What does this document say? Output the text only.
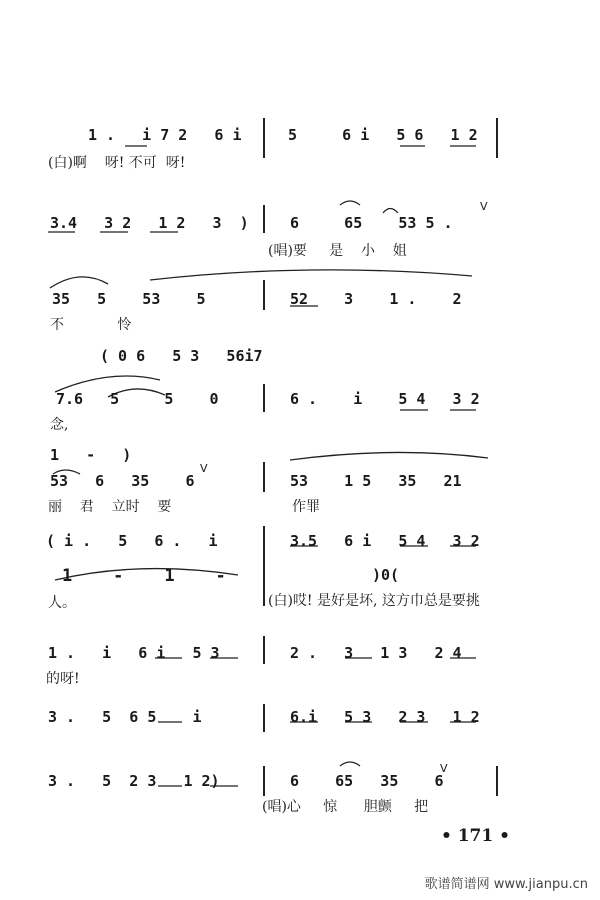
1 .   i 7 2   6 i	5     6 i   5 6   1 2
(白)啊    呀! 不可  呀!
3.4   3 2   1 2   3  )	6     65    53 5 .
V
(唱)要     是    小    姐
35   5    53    5	52    3    1 .    2
不            怜
( 0 6   5 3   56i7
7.6   5     5    0	6 .    i    5 4   3 2
念,
1   -   )
53   6   35    6
V
53    1 5   35   21
丽    君    立时    要	作罪
( i .   5   6 .   i	3.5   6 i   5 4   3 2
1    -    1    -	)0(
人。	(白)哎! 是好是坏, 这方巾总是要挑
1 .   i   6 i   5 3	2 .   3   1 3   2 4
的呀!
3 .   5  6 5    i	6.i   5 3   2 3   1 2
3 .   5  2 3   1 2)	6    65   35    6
V
(唱)心     惊      胆颤     把
• 171 •
歌谱简谱网 www.jianpu.cn
